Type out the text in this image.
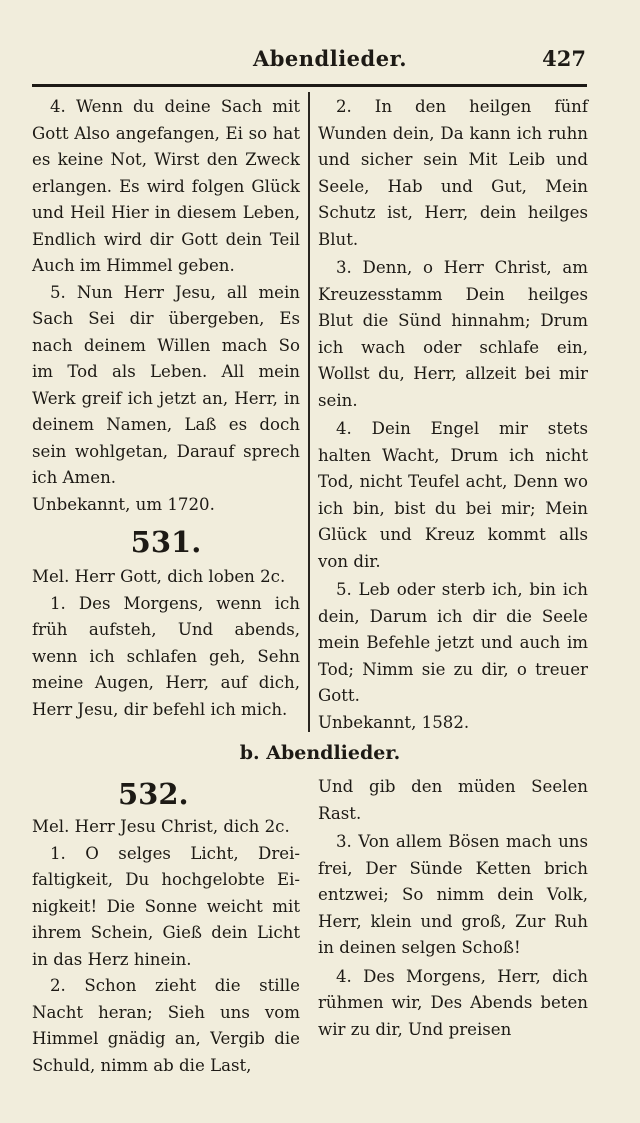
Abendlieder.	427

4. Wenn du deine Sach mit Gott Also angefangen, Ei so hat es keine Not, Wirst den Zweck erlangen. Es wird folgen Glück und Heil Hier in diesem Leben, Endlich wird dir Gott dein Teil Auch im Himmel geben.

5. Nun Herr Jesu, all mein Sach Sei dir übergeben, Es nach deinem Willen mach So im Tod als Leben. All mein Werk greif ich jetzt an, Herr, in deinem Namen, Laß es doch sein wohlgetan, Darauf sprech ich Amen.

Unbekannt, um 1720.

531.

Mel. Herr Gott, dich loben 2c.

1. Des Morgens, wenn ich früh aufsteh, Und abends, wenn ich schlafen geh, Sehn meine Augen, Herr, auf dich, Herr Jesu, dir befehl ich mich.

2. In den heilgen fünf Wunden dein, Da kann ich ruhn und sicher sein Mit Leib und Seele, Hab und Gut, Mein Schutz ist, Herr, dein heilges Blut.

3. Denn, o Herr Christ, am Kreuzesstamm Dein heilges Blut die Sünd hinnahm; Drum ich wach oder schlafe ein, Wollst du, Herr, allzeit bei mir sein.

4. Dein Engel mir stets halten Wacht, Drum ich nicht Tod, nicht Teufel acht, Denn wo ich bin, bist du bei mir; Mein Glück und Kreuz kommt alls von dir.

5. Leb oder sterb ich, bin ich dein, Darum ich dir die Seele mein Befehle jetzt und auch im Tod; Nimm sie zu dir, o treuer Gott.

Unbekannt, 1582.

b. Abendlieder.
532.

Mel. Herr Jesu Christ, dich 2c.

1. O selges Licht, Dreifaltigkeit, Du hochgelobte Einigkeit! Die Sonne weicht mit ihrem Schein, Gieß dein Licht in das Herz hinein.

2. Schon zieht die stille Nacht heran; Sieh uns vom Himmel gnädig an, Vergib die Schuld, nimm ab die Last,

Und gib den müden Seelen Rast.

3. Von allem Bösen mach uns frei, Der Sünde Ketten brich entzwei; So nimm dein Volk, Herr, klein und groß, Zur Ruh in deinen selgen Schoß!

4. Des Morgens, Herr, dich rühmen wir, Des Abends beten wir zu dir, Und preisen
